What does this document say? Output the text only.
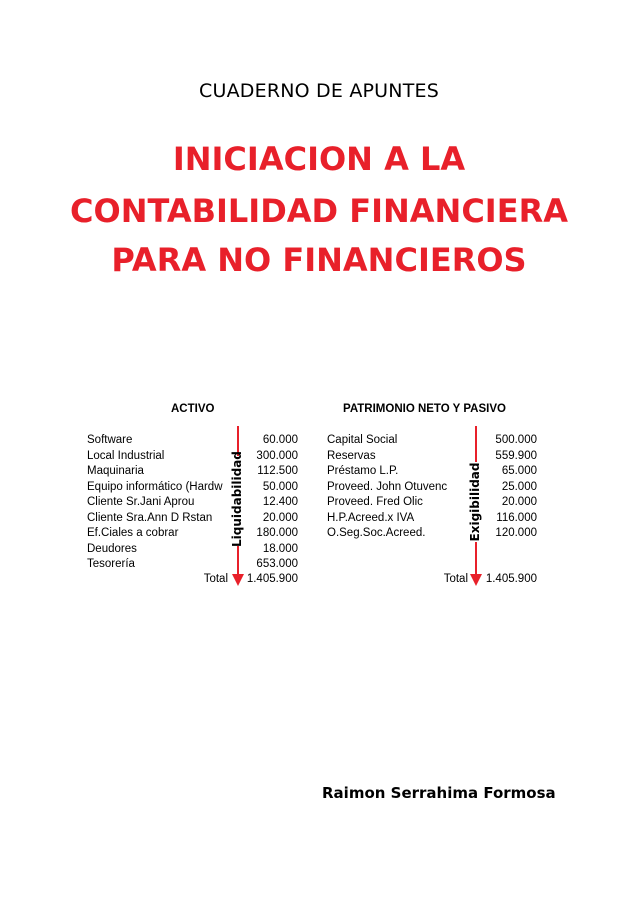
CUADERNO DE APUNTES
INICIACION A LA
CONTABILIDAD FINANCIERA
PARA NO FINANCIEROS
ACTIVO	PATRIMONIO NETO Y PASIVO
Software	60.000
Local Industrial	300.000
Maquinaria	112.500
Equipo informático (Hardw	50.000
Cliente Sr.Jani Aprou	12.400
Cliente Sra.Ann D Rstan	20.000
Ef.Ciales a cobrar	180.000
Deudores	18.000
Tesorería	653.000
Total	1.405.900
Capital Social	500.000
Reservas	559.900
Préstamo L.P.	65.000
Proveed. John Otuvenc	25.000
Proveed. Fred Olic	20.000
H.P.Acreed.x IVA	116.000
O.Seg.Soc.Acreed.	120.000
Total	1.405.900
Liquidabilidad	Exigibilidad
Raimon Serrahima Formosa
